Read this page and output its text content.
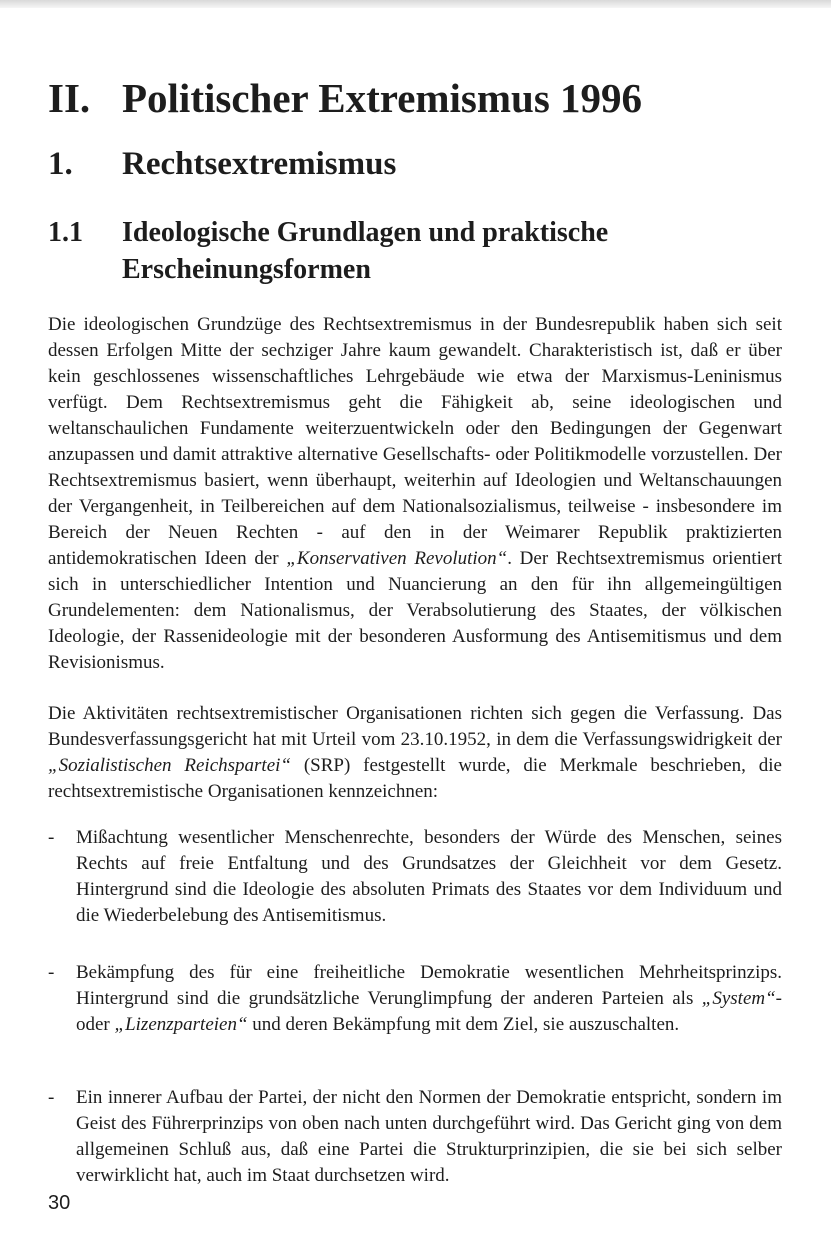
II. Politischer Extremismus 1996
1. Rechtsextremismus
1.1 Ideologische Grundlagen und praktische Erscheinungsformen

Die ideologischen Grundzüge des Rechtsextremismus in der Bundesrepublik haben sich seit dessen Erfolgen Mitte der sechziger Jahre kaum gewandelt. Charakteristisch ist, daß er über kein geschlossenes wissenschaftliches Lehrgebäude wie etwa der Marxismus-Leninismus verfügt. Dem Rechtsextremismus geht die Fähigkeit ab, seine ideologischen und weltanschaulichen Fundamente weiterzuentwickeln oder den Bedingungen der Gegenwart anzupassen und damit attraktive alternative Gesellschafts- oder Politikmodelle vorzustellen. Der Rechtsextremismus basiert, wenn überhaupt, weiterhin auf Ideologien und Weltanschauungen der Vergangenheit, in Teilbereichen auf dem Nationalsozialismus, teilweise - insbesondere im Bereich der Neuen Rechten - auf den in der Weimarer Republik praktizierten antidemokratischen Ideen der „Konservativen Revolution“. Der Rechtsextremismus orientiert sich in unterschiedlicher Intention und Nuancierung an den für ihn allgemeingültigen Grundelementen: dem Nationalismus, der Verabsolutierung des Staates, der völkischen Ideologie, der Rassenideologie mit der besonderen Ausformung des Antisemitismus und dem Revisionismus.

Die Aktivitäten rechtsextremistischer Organisationen richten sich gegen die Verfassung. Das Bundesverfassungsgericht hat mit Urteil vom 23.10.1952, in dem die Verfassungswidrigkeit der „Sozialistischen Reichspartei“ (SRP) festgestellt wurde, die Merkmale beschrieben, die rechtsextremistische Organisationen kennzeichnen:

-	Mißachtung wesentlicher Menschenrechte, besonders der Würde des Menschen, seines Rechts auf freie Entfaltung und des Grundsatzes der Gleichheit vor dem Gesetz. Hintergrund sind die Ideologie des absoluten Primats des Staates vor dem Individuum und die Wiederbelebung des Antisemitismus.

-	Bekämpfung des für eine freiheitliche Demokratie wesentlichen Mehrheitsprinzips. Hintergrund sind die grundsätzliche Verunglimpfung der anderen Parteien als „System“- oder „Lizenzparteien“ und deren Bekämpfung mit dem Ziel, sie auszuschalten.

-	Ein innerer Aufbau der Partei, der nicht den Normen der Demokratie entspricht, sondern im Geist des Führerprinzips von oben nach unten durchgeführt wird. Das Gericht ging von dem allgemeinen Schluß aus, daß eine Partei die Strukturprinzipien, die sie bei sich selber verwirklicht hat, auch im Staat durchsetzen wird.

30
